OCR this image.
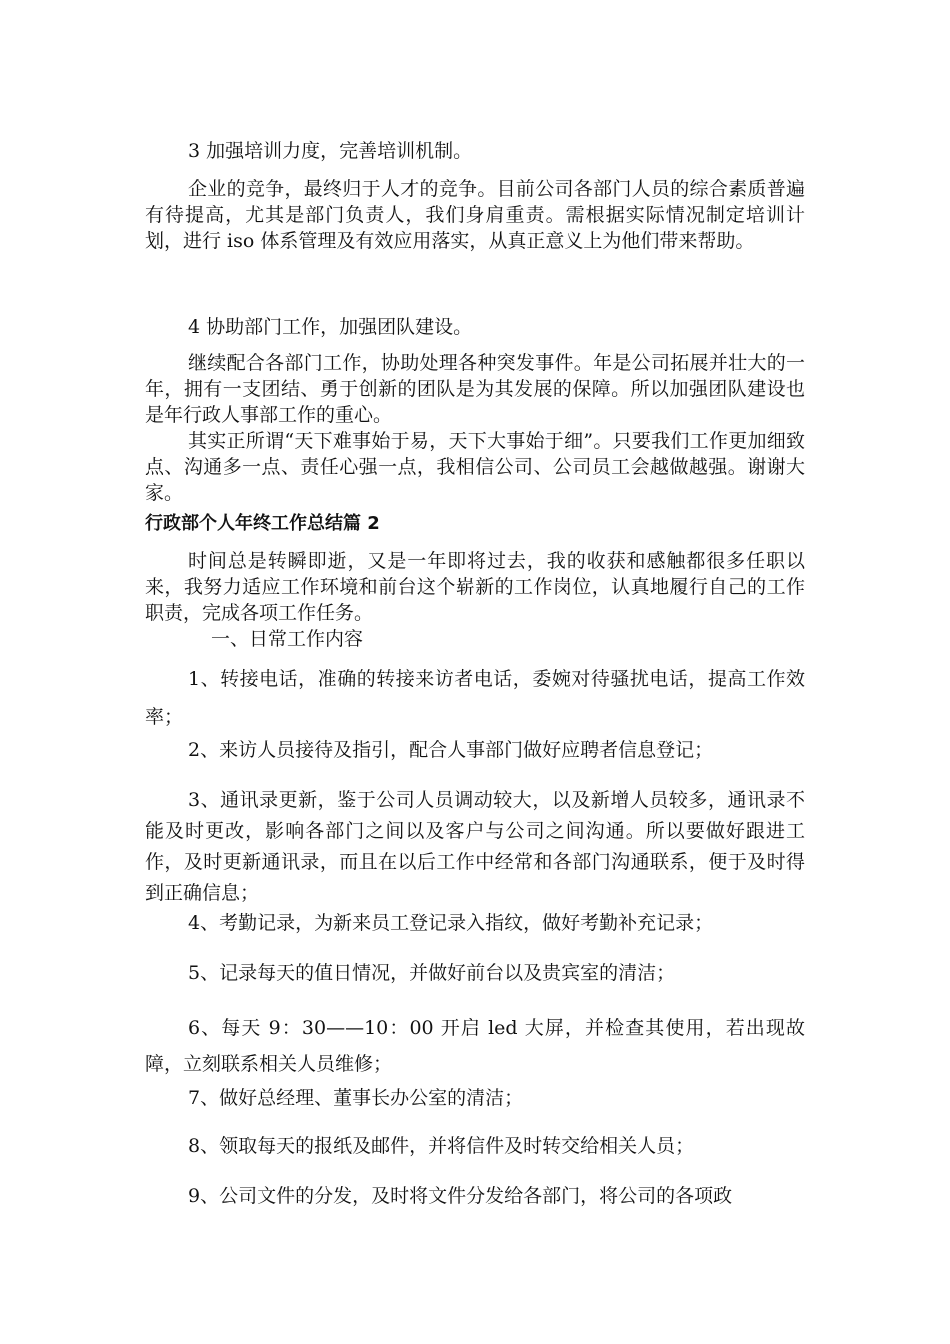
3 加强培训力度，完善培训机制。

企业的竞争，最终归于人才的竞争。目前公司各部门人员的综合素质普遍有待提高，尤其是部门负责人，我们身肩重责。需根据实际情况制定培训计划，进行 iso 体系管理及有效应用落实，从真正意义上为他们带来帮助。

4 协助部门工作，加强团队建设。

继续配合各部门工作，协助处理各种突发事件。年是公司拓展并壮大的一年，拥有一支团结、勇于创新的团队是为其发展的保障。所以加强团队建设也是年行政人事部工作的重心。

其实正所谓“天下难事始于易，天下大事始于细”。只要我们工作更加细致点、沟通多一点、责任心强一点，我相信公司、公司员工会越做越强。谢谢大家。

行政部个人年终工作总结篇 2

时间总是转瞬即逝，又是一年即将过去，我的收获和感触都很多任职以来，我努力适应工作环境和前台这个崭新的工作岗位，认真地履行自己的工作职责，完成各项工作任务。

一、日常工作内容

1、转接电话，准确的转接来访者电话，委婉对待骚扰电话，提高工作效率；

2、来访人员接待及指引，配合人事部门做好应聘者信息登记；

3、通讯录更新，鉴于公司人员调动较大，以及新增人员较多，通讯录不能及时更改，影响各部门之间以及客户与公司之间沟通。所以要做好跟进工作，及时更新通讯录，而且在以后工作中经常和各部门沟通联系，便于及时得到正确信息；

4、考勤记录，为新来员工登记录入指纹，做好考勤补充记录；

5、记录每天的值日情况，并做好前台以及贵宾室的清洁；

6、每天 9：30——10：00 开启 led 大屏，并检查其使用，若出现故障，立刻联系相关人员维修；

7、做好总经理、董事长办公室的清洁；

8、领取每天的报纸及邮件，并将信件及时转交给相关人员；

9、公司文件的分发，及时将文件分发给各部门，将公司的各项政
